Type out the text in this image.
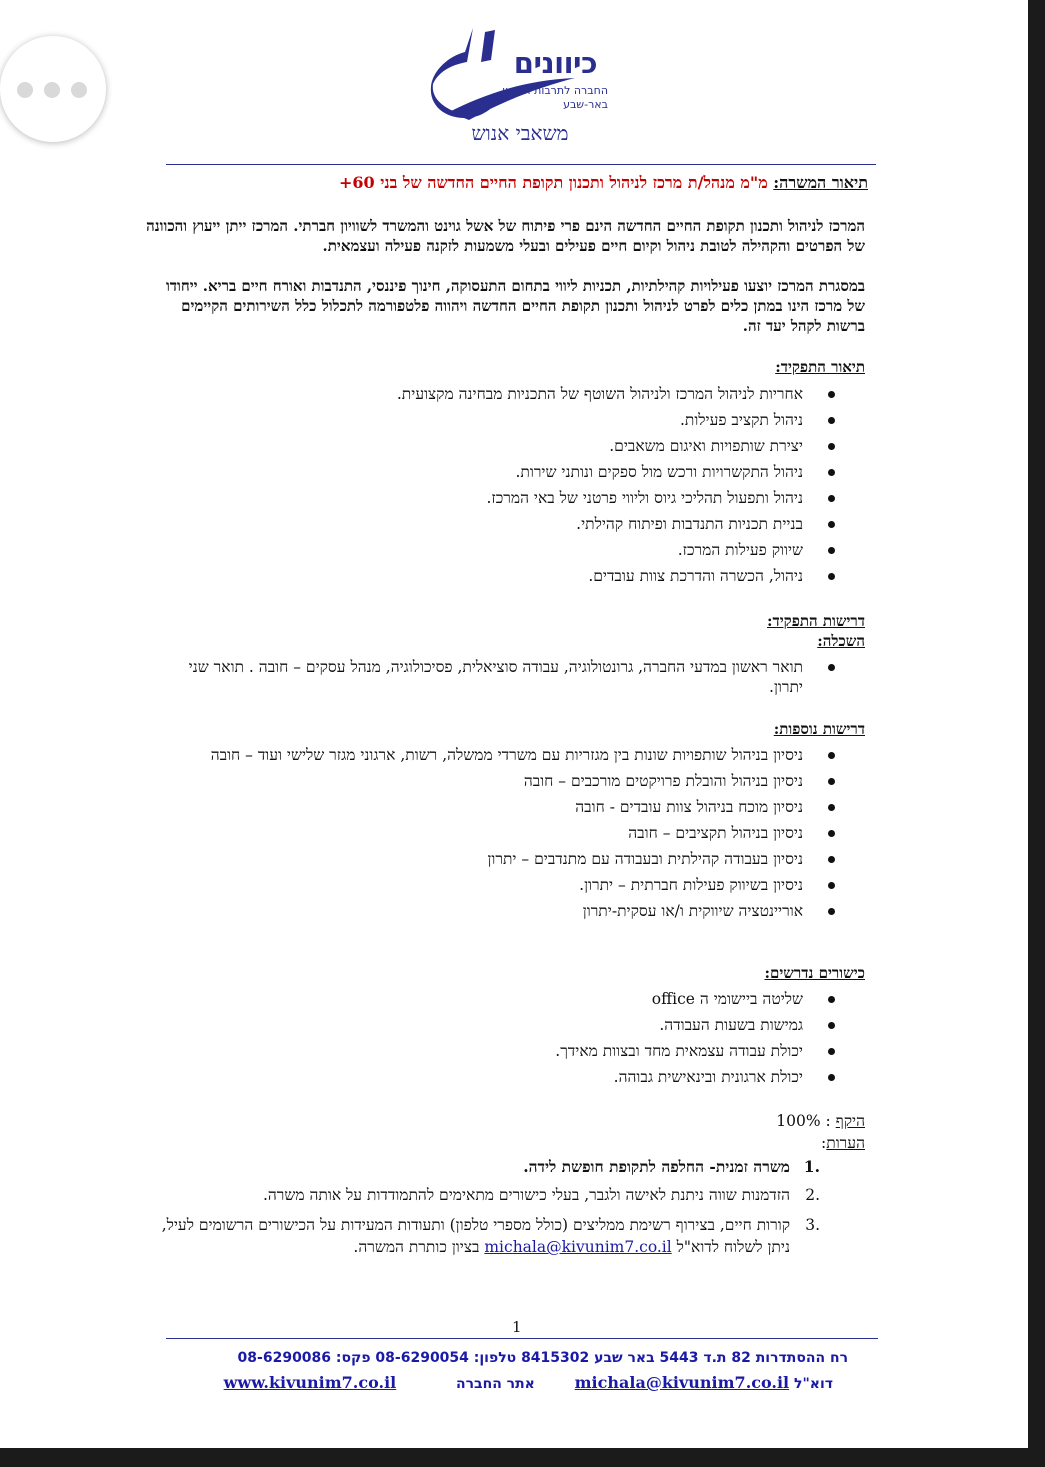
כיוונים
החברה לתרבות הפנאי
באר-שבע
משאבי אנוש

תיאור המשרה: מ"מ מנהל/ת מרכז לניהול ותכנון תקופת החיים החדשה של בני 60+

המרכז לניהול ותכנון תקופת החיים החדשה הינם פרי פיתוח של אשל גוינט והמשרד לשוויון חברתי. המרכז ייתן ייעוץ והכוונה של הפרטים והקהילה לטובת ניהול וקיום חיים פעילים ובעלי משמעות לזקנה פעילה ועצמאית.

במסגרת המרכז יוצעו פעילויות קהילתיות, תכניות ליווי בתחום התעסוקה, חינוך פיננסי, התנדבות ואורח חיים בריא. ייחודו של מרכז הינו במתן כלים לפרט לניהול ותכנון תקופת החיים החדשה ויהווה פלטפורמה לתכלול כלל השירותים הקיימים ברשות לקהל יעד זה.

תיאור התפקיד:

אחריות לניהול המרכז ולניהול השוטף של התכניות מבחינה מקצועית.
ניהול תקציב פעילות.
יצירת שותפויות ואיגום משאבים.
ניהול התקשרויות ורכש מול ספקים ונותני שירות.
ניהול ותפעול תהליכי גיוס וליווי פרטני של באי המרכז.
בניית תכניות התנדבות ופיתוח קהילתי.
שיווק פעילות המרכז.
ניהול, הכשרה והדרכת צוות עובדים.

דרישות התפקיד:

השכלה:

תואר ראשון במדעי החברה, גרונטולוגיה, עבודה סוציאלית, פסיכולוגיה, מנהל עסקים – חובה . תואר שני יתרון.

דרישות נוספות:

ניסיון בניהול שותפויות שונות בין מגזריות עם משרדי ממשלה, רשות, ארגוני מגזר שלישי ועוד – חובה
ניסיון בניהול והובלת פרויקטים מורכבים – חובה
ניסיון מוכח בניהול צוות עובדים - חובה
ניסיון בניהול תקציבים – חובה
ניסיון בעבודה קהילתית ובעבודה עם מתנדבים – יתרון
ניסיון בשיווק פעילות חברתית – יתרון.
אוריינטציה שיווקית ו/או עסקית-יתרון

כישורים נדרשים:

שליטה ביישומי ה office
גמישות בשעות העבודה.
יכולת עבודה עצמאית מחד ובצוות מאידך.
יכולת ארגונית ובינאישית גבוהה.

היקף : 100%

הערות:

.1
משרה זמנית- החלפה לתקופת חופשת לידה.
.2
הזדמנות שווה ניתנת לאישה ולגבר, בעלי כישורים מתאימים להתמודדות על אותה משרה.
.3
קורות חיים, בצירוף רשימת ממליצים (כולל מספרי טלפון) ותעודות המעידות על הכישורים הרשומים לעיל, ניתן לשלוח לדוא"ל michala@kivunim7.co.il בציון כותרת המשרה.
1
רח ההסתדרות 82 ת.ד 5443 באר שבע 8415302 טלפון: 08-6290054 פקס: 08-6290086
דוא"ל michala@kivunim7.co.il  אתר החברה  www.kivunim7.co.il
